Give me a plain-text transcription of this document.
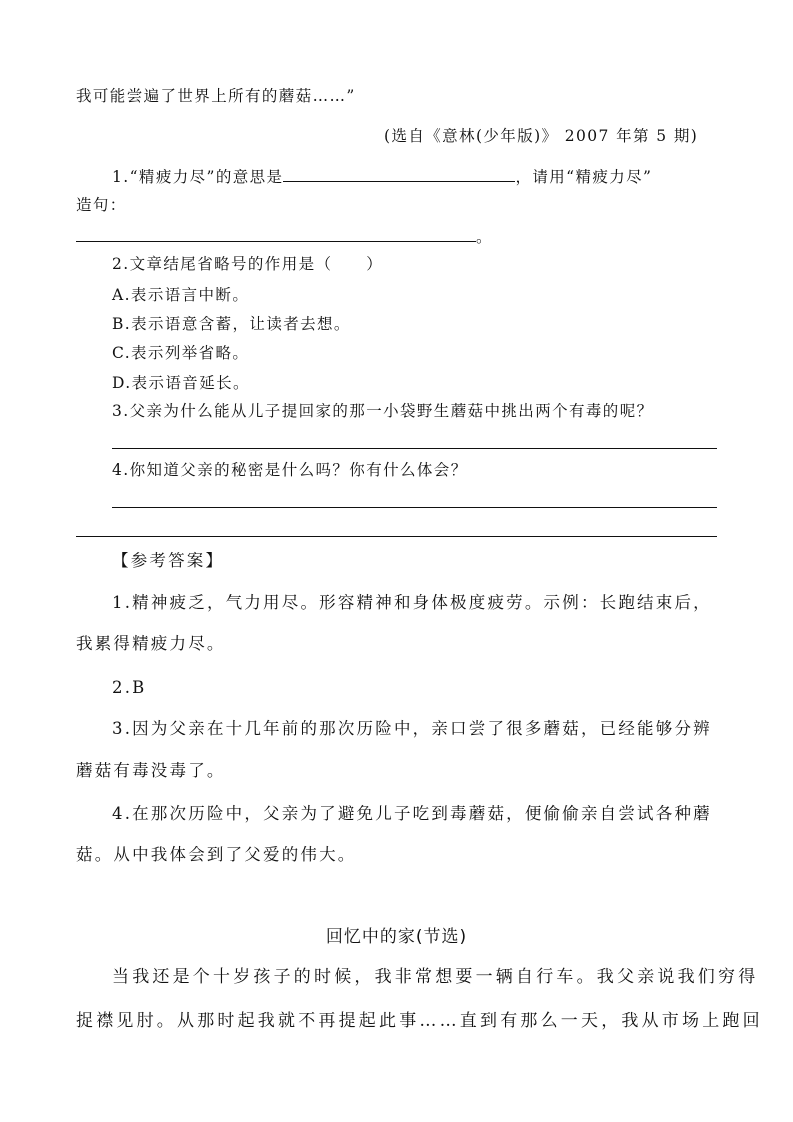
我可能尝遍了世界上所有的蘑菇……”
(选自《意林(少年版)》 2007 年第 5 期)
1.“精疲力尽”的意思是	，请用“精疲力尽”
造句：
。
2.文章结尾省略号的作用是（　　）
A.表示语言中断。
B.表示语意含蓄，让读者去想。
C.表示列举省略。
D.表示语音延长。
3.父亲为什么能从儿子提回家的那一小袋野生蘑菇中挑出两个有毒的呢？
4.你知道父亲的秘密是什么吗？你有什么体会？
【参考答案】
1.精神疲乏，气力用尽。形容精神和身体极度疲劳。示例：长跑结束后，
我累得精疲力尽。
2.B
3.因为父亲在十几年前的那次历险中，亲口尝了很多蘑菇，已经能够分辨
蘑菇有毒没毒了。
4.在那次历险中，父亲为了避免儿子吃到毒蘑菇，便偷偷亲自尝试各种蘑
菇。从中我体会到了父爱的伟大。
回忆中的家(节选)
当我还是个十岁孩子的时候，我非常想要一辆自行车。我父亲说我们穷得
捉襟见肘。从那时起我就不再提起此事……直到有那么一天，我从市场上跑回
